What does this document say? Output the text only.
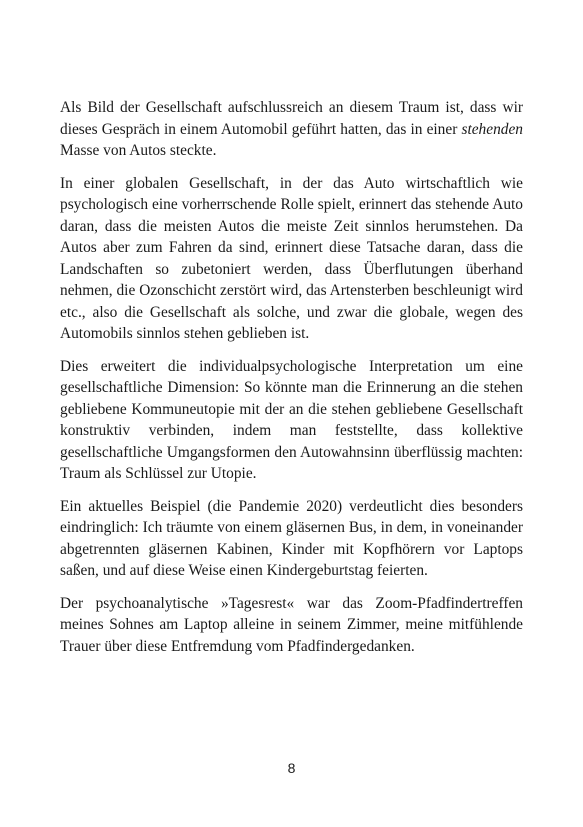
Als Bild der Gesellschaft aufschlussreich an diesem Traum ist, dass wir dieses Gespräch in einem Automobil geführt hatten, das in einer stehenden Masse von Autos steckte.

In einer globalen Gesellschaft, in der das Auto wirtschaftlich wie psychologisch eine vorherrschende Rolle spielt, erinnert das stehende Auto daran, dass die meisten Autos die meiste Zeit sinnlos herumstehen. Da Autos aber zum Fahren da sind, erinnert diese Tatsache daran, dass die Landschaften so zubetoniert werden, dass Überflutungen überhand nehmen, die Ozonschicht zerstört wird, das Artensterben beschleunigt wird etc., also die Gesellschaft als solche, und zwar die globale, wegen des Automobils sinnlos stehen geblieben ist.

Dies erweitert die individualpsychologische Interpretation um eine gesellschaftliche Dimension: So könnte man die Erinnerung an die stehen gebliebene Kommuneutopie mit der an die stehen gebliebene Gesellschaft konstruktiv verbinden, indem man feststellte, dass kollektive gesellschaftliche Umgangsformen den Autowahnsinn überflüssig machten: Traum als Schlüssel zur Utopie.

Ein aktuelles Beispiel (die Pandemie 2020) verdeutlicht dies besonders eindringlich: Ich träumte von einem gläsernen Bus, in dem, in voneinander abgetrennten gläsernen Kabinen, Kinder mit Kopfhörern vor Laptops saßen, und auf diese Weise einen Kindergeburtstag feierten.

Der psychoanalytische »Tagesrest« war das Zoom-Pfadfindertreffen meines Sohnes am Laptop alleine in seinem Zimmer, meine mitfühlende Trauer über diese Entfremdung vom Pfadfindergedanken.

8
